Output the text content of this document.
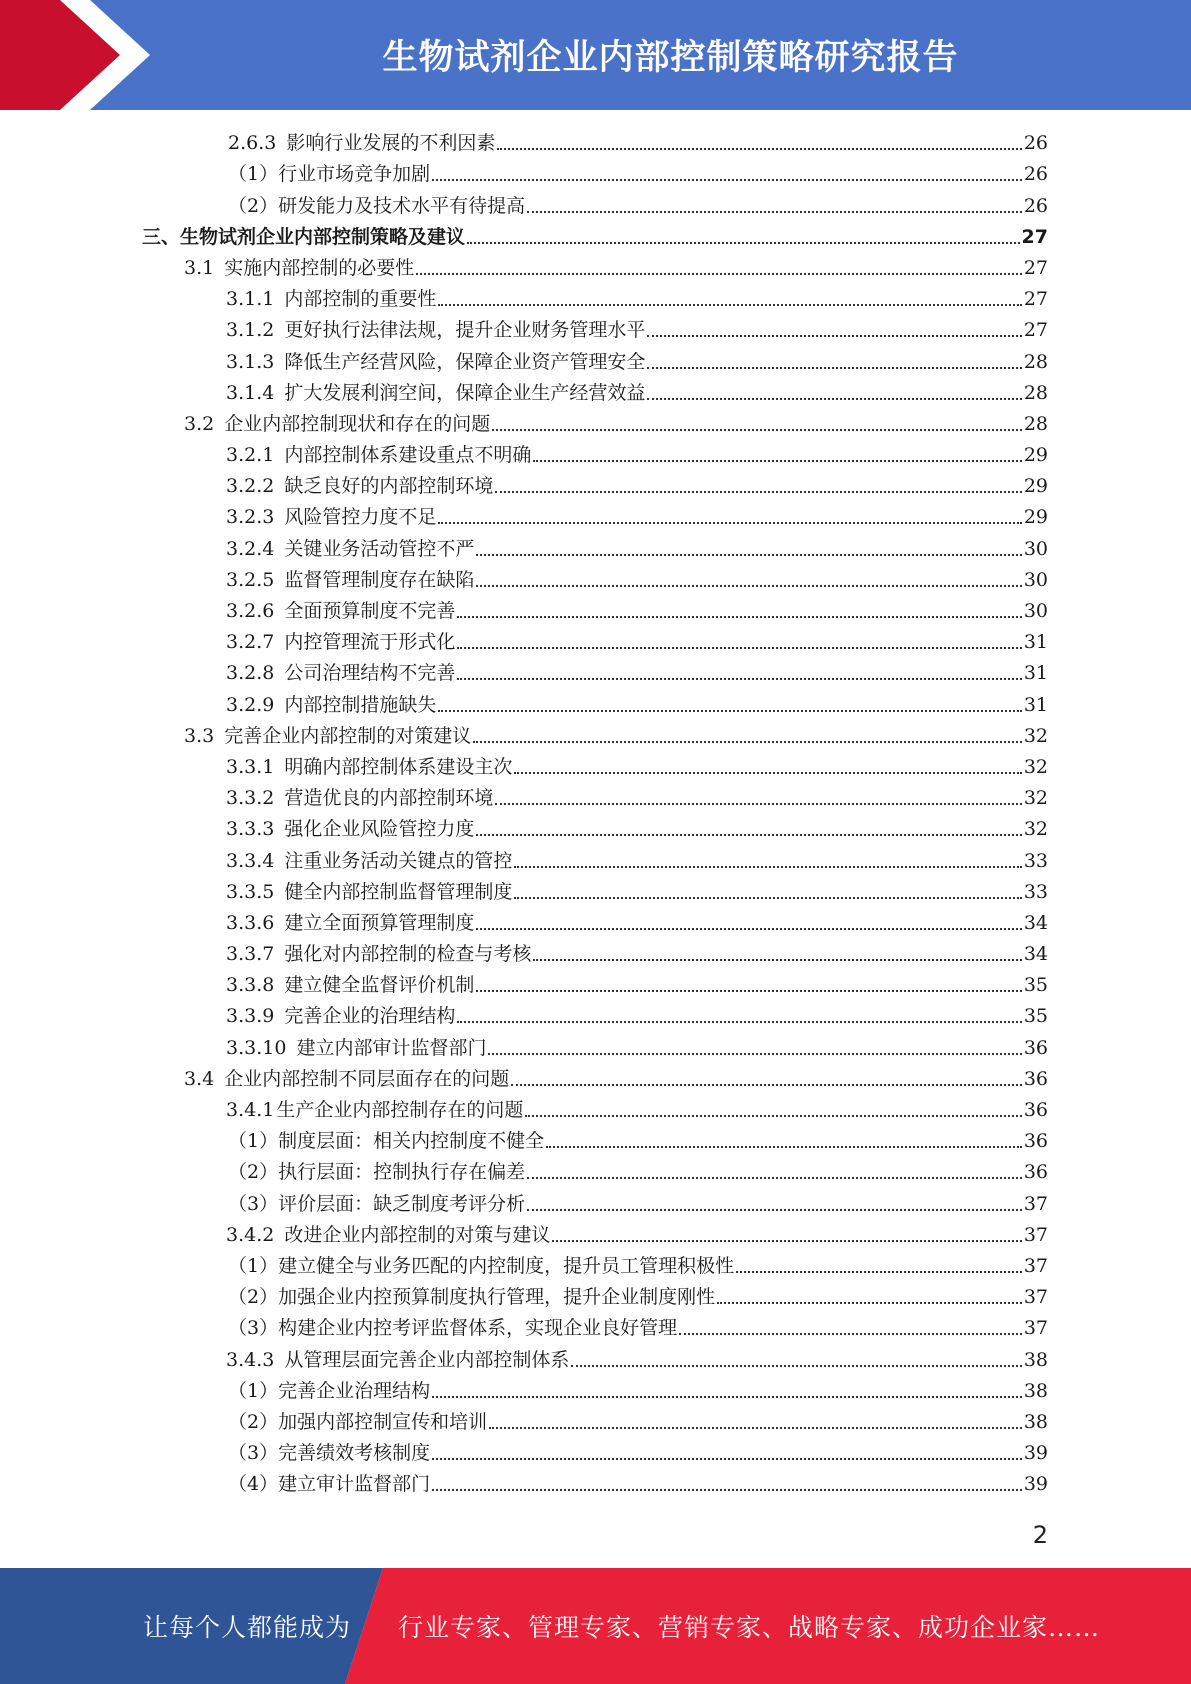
生物试剂企业内部控制策略研究报告
2.6.3 影响行业发展的不利因素	26
（1）行业市场竞争加剧	26
（2）研发能力及技术水平有待提高	26
三、生物试剂企业内部控制策略及建议	27
3.1 实施内部控制的必要性	27
3.1.1 内部控制的重要性	27
3.1.2 更好执行法律法规，提升企业财务管理水平	27
3.1.3 降低生产经营风险，保障企业资产管理安全	28
3.1.4 扩大发展利润空间，保障企业生产经营效益	28
3.2 企业内部控制现状和存在的问题	28
3.2.1 内部控制体系建设重点不明确	29
3.2.2 缺乏良好的内部控制环境	29
3.2.3 风险管控力度不足	29
3.2.4 关键业务活动管控不严	30
3.2.5 监督管理制度存在缺陷	30
3.2.6 全面预算制度不完善	30
3.2.7 内控管理流于形式化	31
3.2.8 公司治理结构不完善	31
3.2.9 内部控制措施缺失	31
3.3 完善企业内部控制的对策建议	32
3.3.1 明确内部控制体系建设主次	32
3.3.2 营造优良的内部控制环境	32
3.3.3 强化企业风险管控力度	32
3.3.4 注重业务活动关键点的管控	33
3.3.5 健全内部控制监督管理制度	33
3.3.6 建立全面预算管理制度	34
3.3.7 强化对内部控制的检查与考核	34
3.3.8 建立健全监督评价机制	35
3.3.9 完善企业的治理结构	35
3.3.10 建立内部审计监督部门	36
3.4 企业内部控制不同层面存在的问题	36
3.4.1 生产企业内部控制存在的问题	36
（1）制度层面：相关内控制度不健全	36
（2）执行层面：控制执行存在偏差	36
（3）评价层面：缺乏制度考评分析	37
3.4.2 改进企业内部控制的对策与建议	37
（1）建立健全与业务匹配的内控制度，提升员工管理积极性	37
（2）加强企业内控预算制度执行管理，提升企业制度刚性	37
（3）构建企业内控考评监督体系，实现企业良好管理	37
3.4.3 从管理层面完善企业内部控制体系	38
（1）完善企业治理结构	38
（2）加强内部控制宣传和培训	38
（3）完善绩效考核制度	39
（4）建立审计监督部门	39
2
让每个人都能成为 行业专家、管理专家、营销专家、战略专家、成功企业家……
